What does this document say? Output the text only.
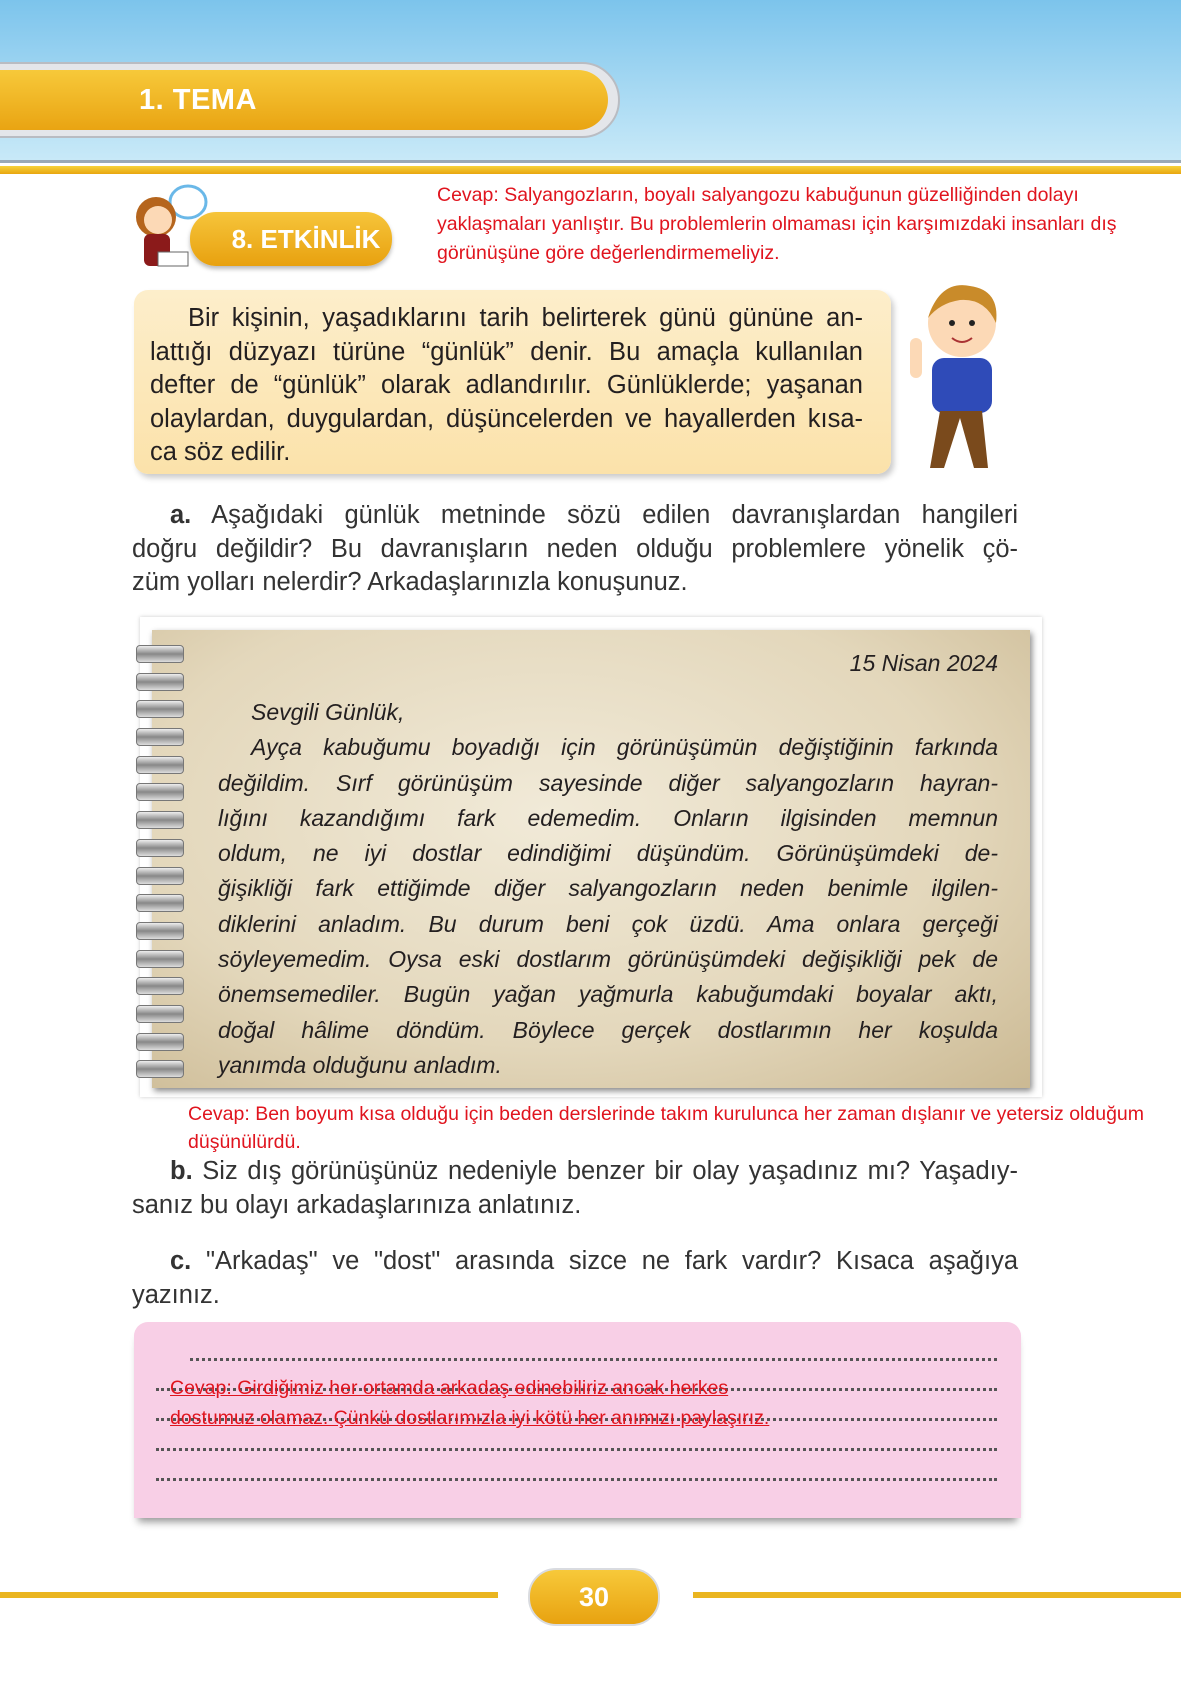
1. TEMA
8. ETKİNLİK
Cevap: Salyangozların, boyalı salyangozu kabuğunun güzelliğinden dolayı yaklaşmaları yanlıştır. Bu problemlerin olmaması için karşımızdaki insanları dış görünüşüne göre değerlendirmemeliyiz.
Bir kişinin, yaşadıklarını tarih belirterek günü gününe an-
lattığı düzyazı türüne “günlük” denir. Bu amaçla kullanılan
defter de “günlük” olarak adlandırılır. Günlüklerde; yaşanan
olaylardan, duygulardan, düşüncelerden ve hayallerden kısa-
ca söz edilir.
a. Aşağıdaki günlük metninde sözü edilen davranışlardan hangileri
doğru değildir? Bu davranışların neden olduğu problemlere yönelik çö-
züm yolları nelerdir? Arkadaşlarınızla konuşunuz.
15 Nisan 2024
Sevgili Günlük,
Ayça kabuğumu boyadığı için görünüşümün değiştiğinin farkında
değildim. Sırf görünüşüm sayesinde diğer salyangozların hayran-
lığını kazandığımı fark edemedim. Onların ilgisinden memnun
oldum, ne iyi dostlar edindiğimi düşündüm. Görünüşümdeki de-
ğişikliği fark ettiğimde diğer salyangozların neden benimle ilgilen-
diklerini anladım. Bu durum beni çok üzdü. Ama onlara gerçeği
söyleyemedim. Oysa eski dostlarım görünüşümdeki değişikliği pek de
önemsemediler. Bugün yağan yağmurla kabuğumdaki boyalar aktı,
doğal hâlime döndüm. Böylece gerçek dostlarımın her koşulda
yanımda olduğunu anladım.
Cevap: Ben boyum kısa olduğu için beden derslerinde takım kurulunca her zaman dışlanır ve yetersiz olduğum düşünülürdü.
b. Siz dış görünüşünüz nedeniyle benzer bir olay yaşadınız mı? Yaşadıy-
sanız bu olayı arkadaşlarınıza anlatınız.
c. "Arkadaş" ve "dost" arasında sizce ne fark vardır? Kısaca aşağıya
yazınız.
Cevap: Girdiğimiz her ortamda arkadaş edinebiliriz ancak herkes
dostumuz olamaz. Çünkü dostlarımızla iyi kötü her anımızı paylaşırız.
30
